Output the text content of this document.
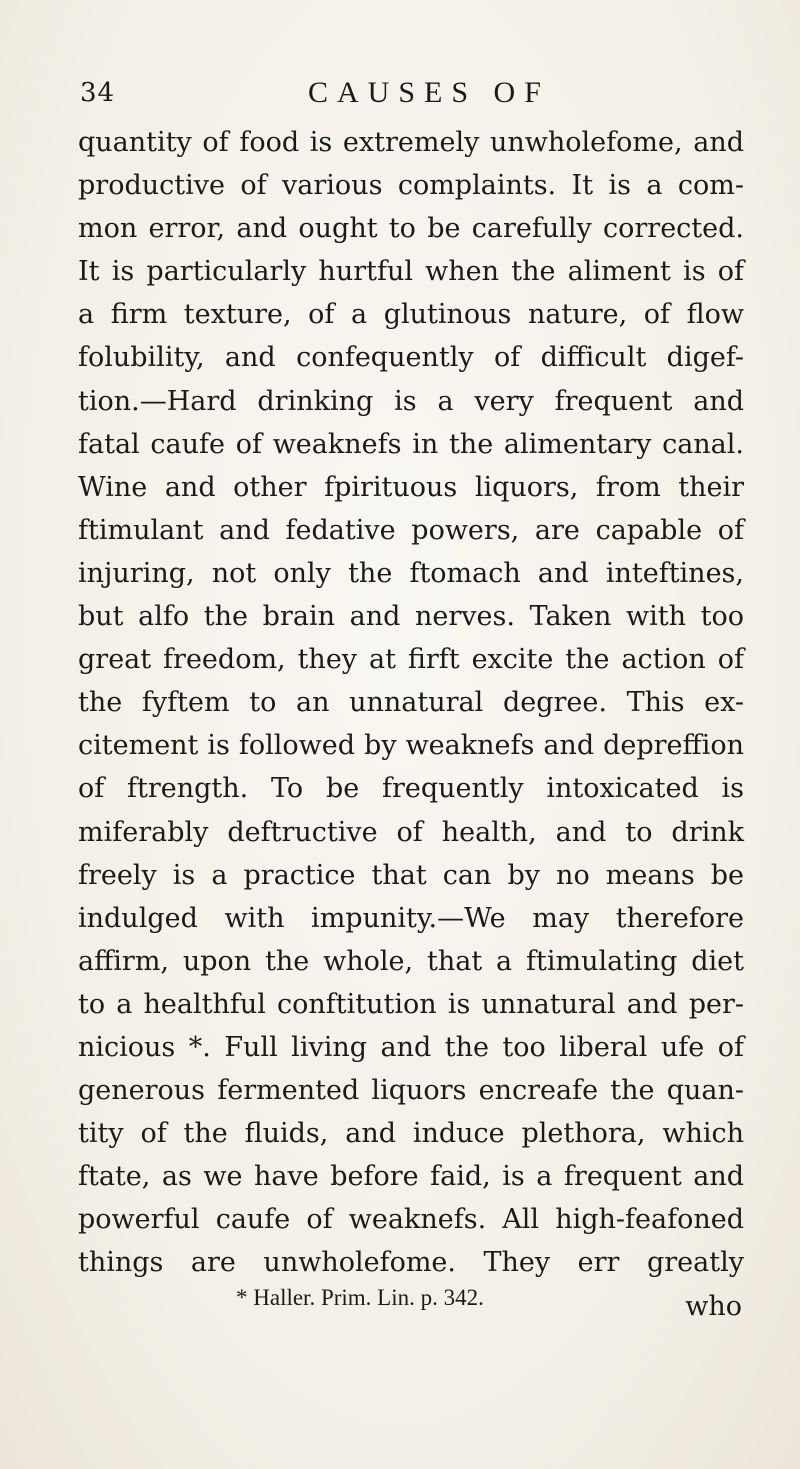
34	CAUSES OF
quantity of food is extremely unwholefome, and
productive of various complaints. It is a com-
mon error, and ought to be carefully corrected.
It is particularly hurtful when the aliment is of
a firm texture, of a glutinous nature, of flow
folubility, and confequently of difficult digef-
tion.—Hard drinking is a very frequent and
fatal caufe of weaknefs in the alimentary canal.
Wine and other fpirituous liquors, from their
ftimulant and fedative powers, are capable of
injuring, not only the ftomach and inteftines,
but alfo the brain and nerves. Taken with too
great freedom, they at firft excite the action of
the fyftem to an unnatural degree. This ex-
citement is followed by weaknefs and depreffion
of ftrength. To be frequently intoxicated is
miferably deftructive of health, and to drink
freely is a practice that can by no means be
indulged with impunity.—We may therefore
affirm, upon the whole, that a ftimulating diet
to a healthful conftitution is unnatural and per-
nicious *. Full living and the too liberal ufe of
generous fermented liquors encreafe the quan-
tity of the fluids, and induce plethora, which
ftate, as we have before faid, is a frequent and
powerful caufe of weaknefs. All high-feafoned
things are unwholefome. They err greatly
who
* Haller. Prim. Lin. p. 342.
